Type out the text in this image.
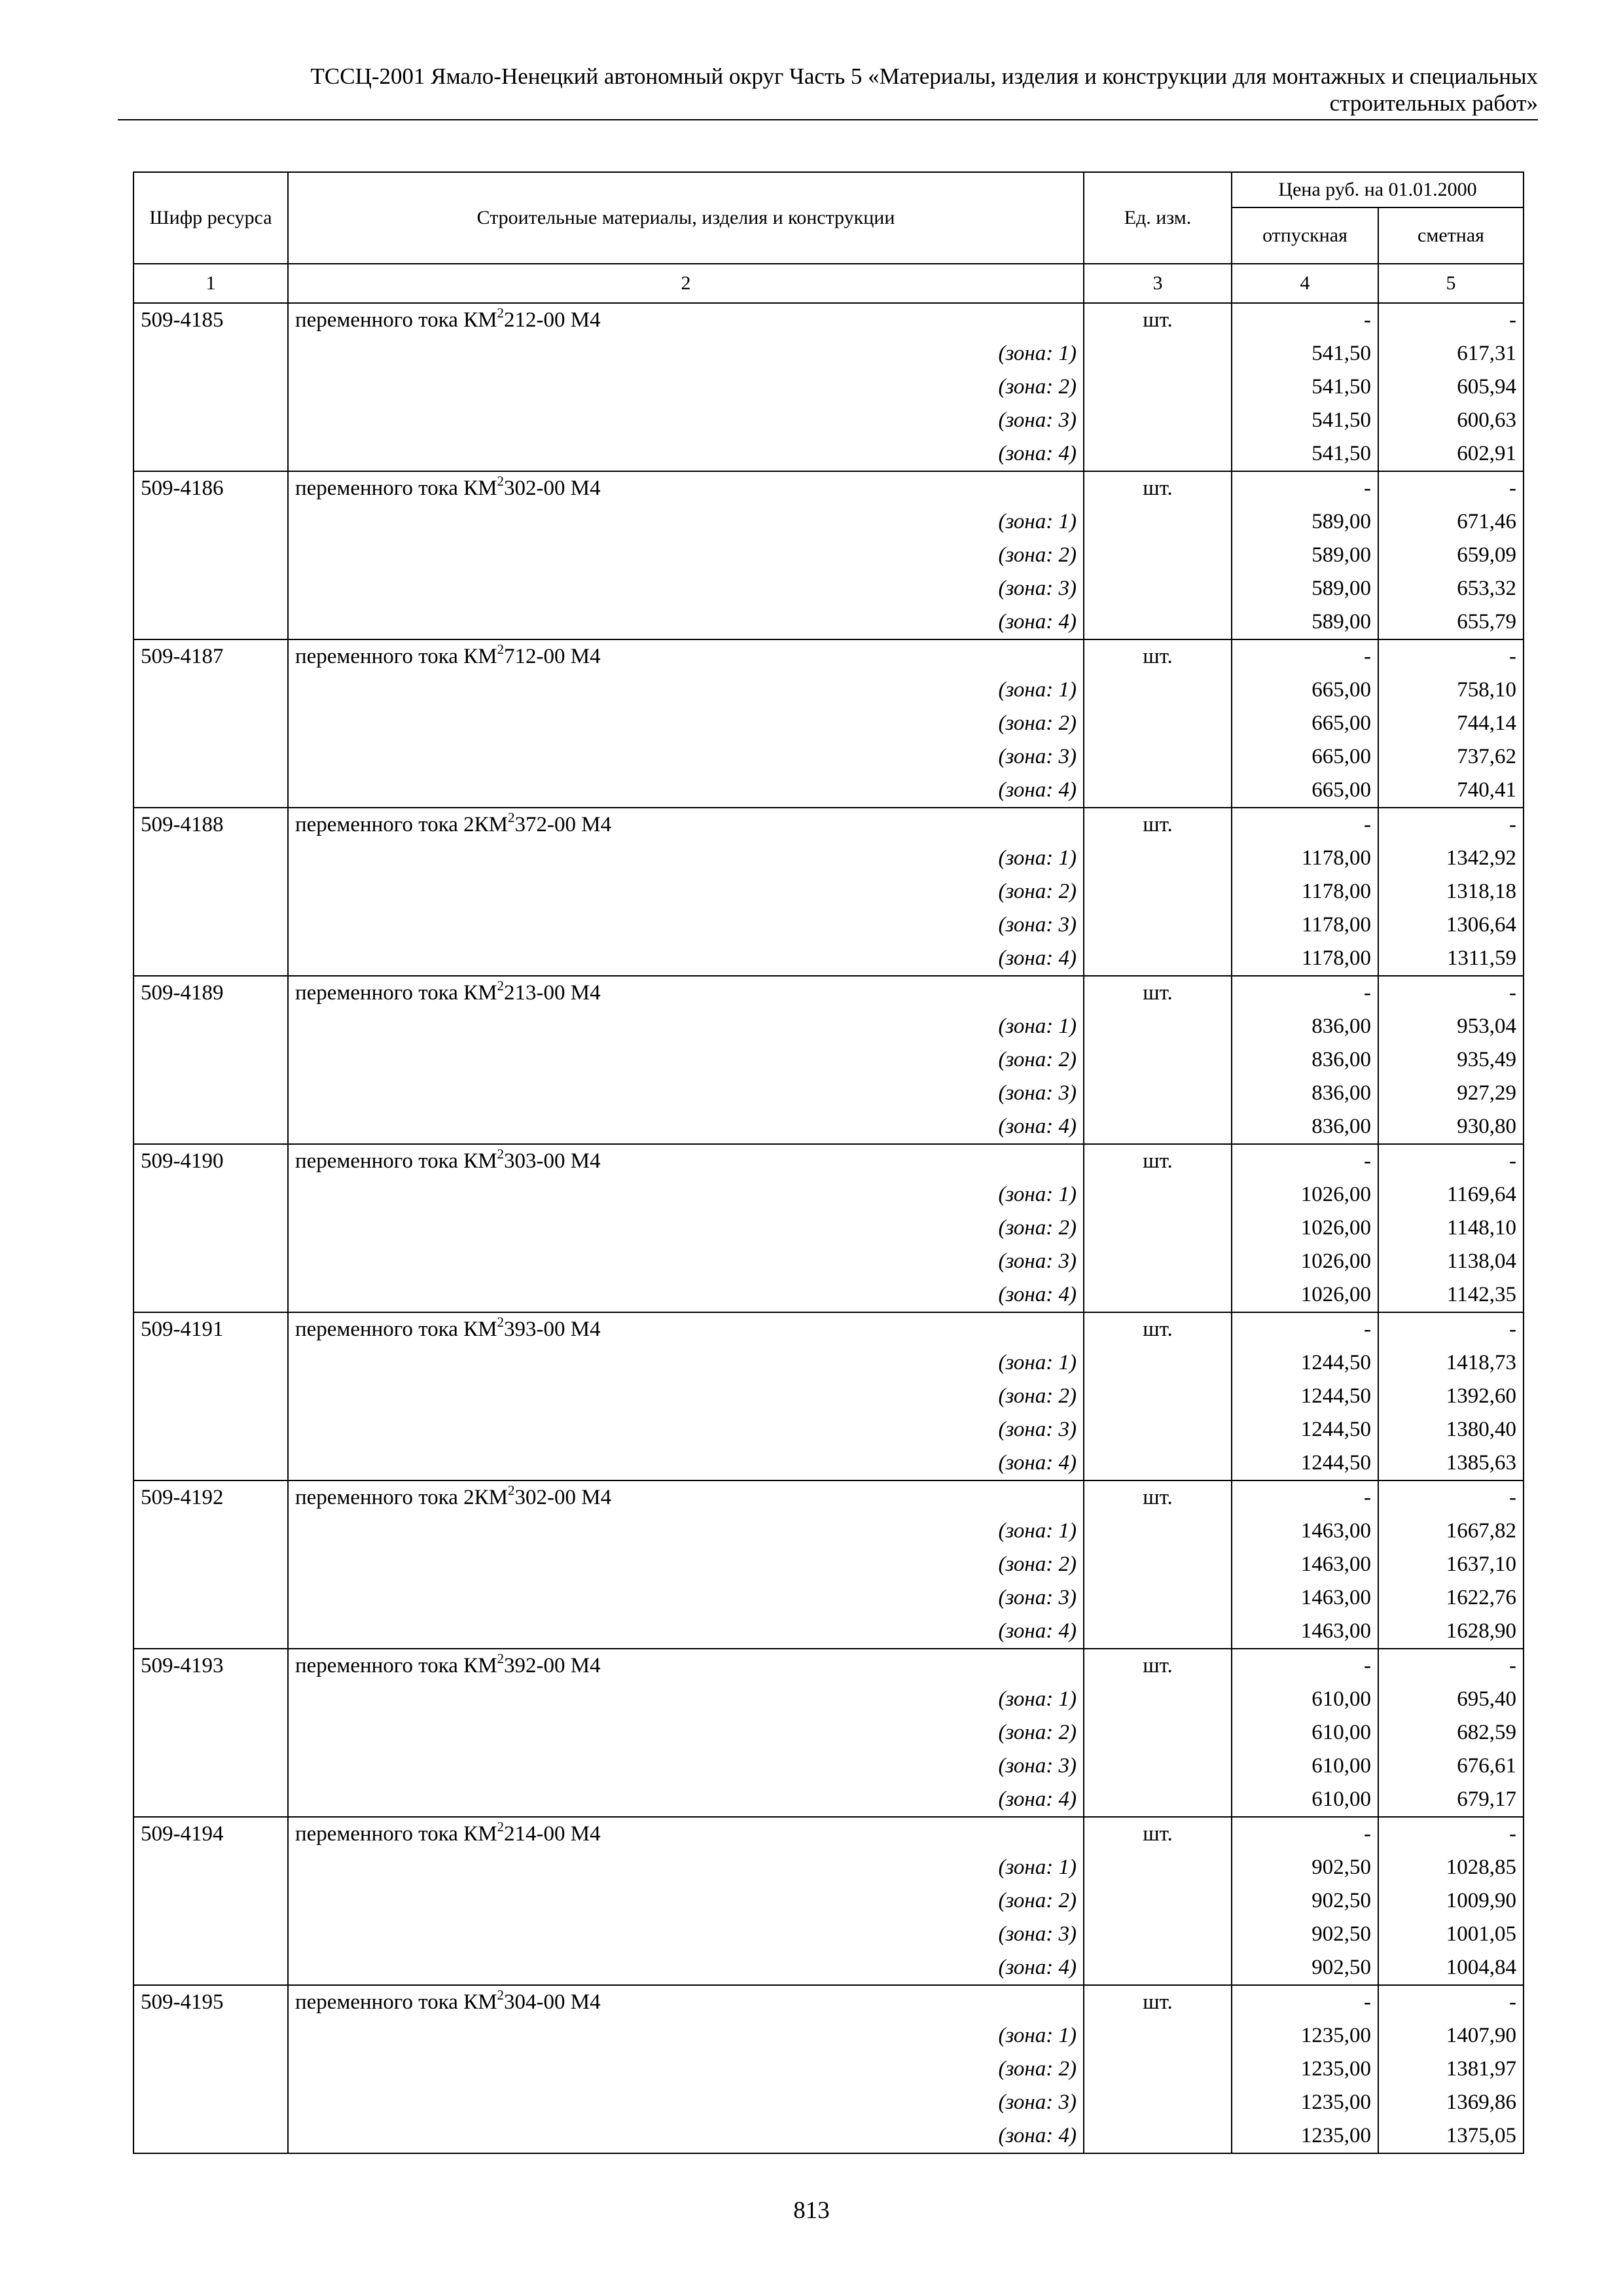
ТССЦ-2001 Ямало-Ненецкий автономный округ Часть 5 «Материалы, изделия и конструкции для монтажных и специальных
строительных работ»
Шифр ресурса	Строительные материалы, изделия и конструкции	Ед. изм.	Цена руб. на 01.01.2000	
			отпускная	сметная
1	2	3	4	5
509-4185	переменного тока $КМ^2212-00$ М4	шт.	-	-
	(зона: 1)		541,50	617,31
	(зона: 2)		541,50	605,94
	(зона: 3)		541,50	600,63
	(зона: 4)		541,50	602,91
509-4186	переменного тока $КМ^2302-00$ М4	шт.	-	-
	(зона: 1)		589,00	671,46
	(зона: 2)		589,00	659,09
	(зона: 3)		589,00	653,32
	(зона: 4)		589,00	655,79
509-4187	переменного тока $КМ^2712-00$ М4	шт.	-	-
	(зона: 1)		665,00	758,10
	(зона: 2)		665,00	744,14
	(зона: 3)		665,00	737,62
	(зона: 4)		665,00	740,41
509-4188	переменного тока $2КМ^2372-00$ М4	шт.	-	-
	(зона: 1)		1178,00	1342,92
	(зона: 2)		1178,00	1318,18
	(зона: 3)		1178,00	1306,64
	(зона: 4)		1178,00	1311,59
509-4189	переменного тока $КМ^2213-00$ М4	шт.	-	-
	(зона: 1)		836,00	953,04
	(зона: 2)		836,00	935,49
	(зона: 3)		836,00	927,29
	(зона: 4)		836,00	930,80
509-4190	переменного тока $КМ^2303-00$ М4	шт.	-	-
	(зона: 1)		1026,00	1169,64
	(зона: 2)		1026,00	1148,10
	(зона: 3)		1026,00	1138,04
	(зона: 4)		1026,00	1142,35
509-4191	переменного тока $КМ^2393-00$ М4	шт.	-	-
	(зона: 1)		1244,50	1418,73
	(зона: 2)		1244,50	1392,60
	(зона: 3)		1244,50	1380,40
	(зона: 4)		1244,50	1385,63
509-4192	переменного тока $2КМ^2302-00$ М4	шт.	-	-
	(зона: 1)		1463,00	1667,82
	(зона: 2)		1463,00	1637,10
	(зона: 3)		1463,00	1622,76
	(зона: 4)		1463,00	1628,90
509-4193	переменного тока $КМ^2392-00$ М4	шт.	-	-
	(зона: 1)		610,00	695,40
	(зона: 2)		610,00	682,59
	(зона: 3)		610,00	676,61
	(зона: 4)		610,00	679,17
509-4194	переменного тока $КМ^2214-00$ М4	шт.	-	-
	(зона: 1)		902,50	1028,85
	(зона: 2)		902,50	1009,90
	(зона: 3)		902,50	1001,05
	(зона: 4)		902,50	1004,84
509-4195	переменного тока $КМ^2304-00$ М4	шт.	-	-
	(зона: 1)		1235,00	1407,90
	(зона: 2)		1235,00	1381,97
	(зона: 3)		1235,00	1369,86
	(зона: 4)		1235,00	1375,05
813
